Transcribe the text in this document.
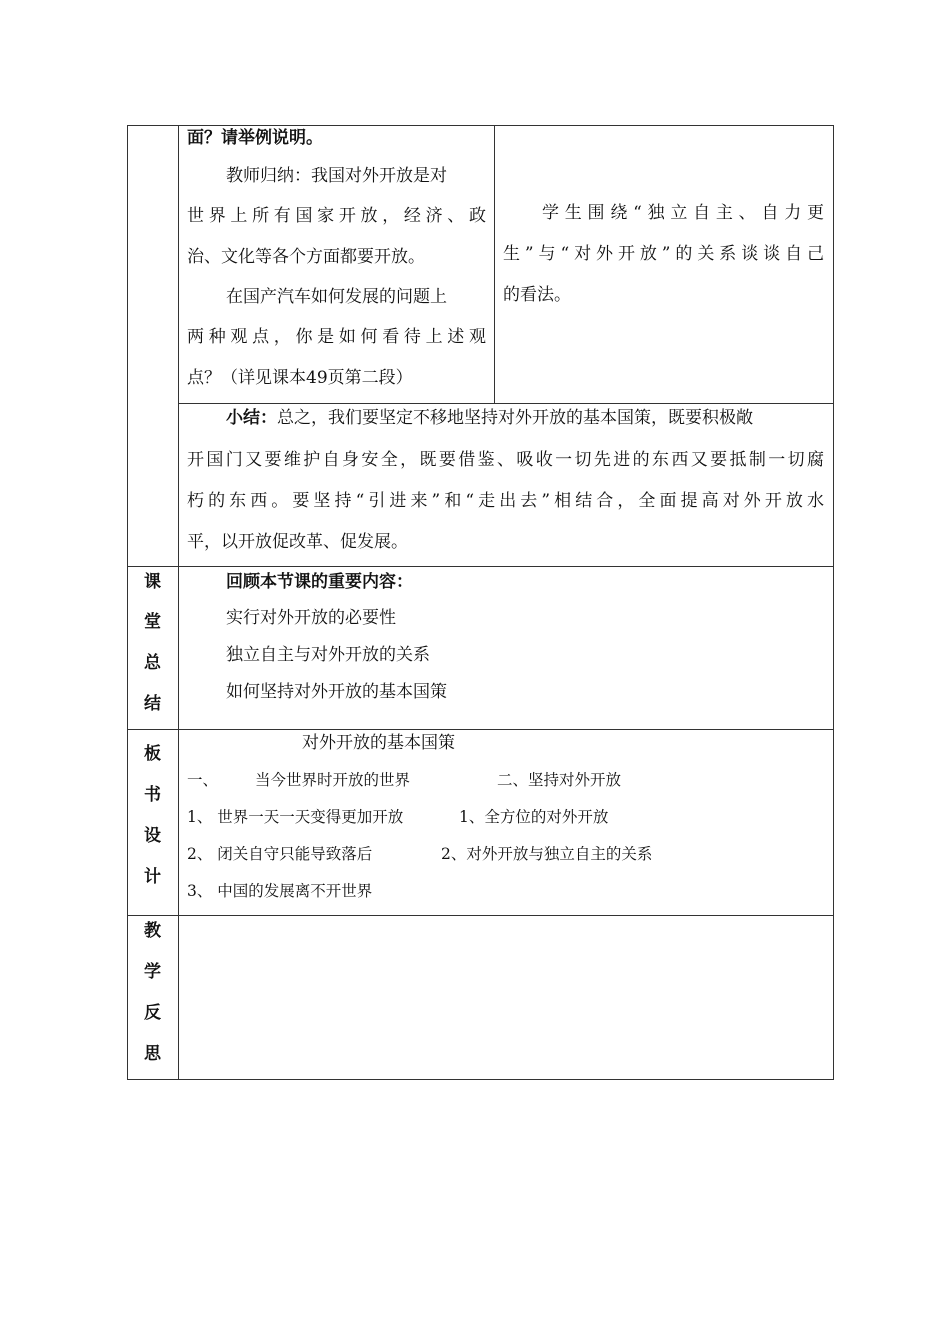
面？请举例说明。
教师归纳：我国对外开放是对
世界上所有国家开放，经济、政
治、文化等各个方面都要开放。
在国产汽车如何发展的问题上
两种观点，你是如何看待上述观
点？（详见课本49页第二段）
学生围绕“独立自主、自力更
生”与“对外开放”的关系谈谈自己
的看法。
小结：总之，我们要坚定不移地坚持对外开放的基本国策，既要积极敞
开国门又要维护自身安全，既要借鉴、吸收一切先进的东西又要抵制一切腐
朽的东西。要坚持“引进来”和“走出去”相结合，全面提高对外开放水
平，以开放促改革、促发展。
课
堂
总
结
回顾本节课的重要内容：
实行对外开放的必要性
独立自主与对外开放的关系
如何坚持对外开放的基本国策
板
书
设
计
对外开放的基本国策
一、 当今世界时开放的世界	二、坚持对外开放
1、 世界一天一天变得更加开放	1、全方位的对外开放
2、 闭关自守只能导致落后	2、对外开放与独立自主的关系
3、 中国的发展离不开世界
教
学
反
思
